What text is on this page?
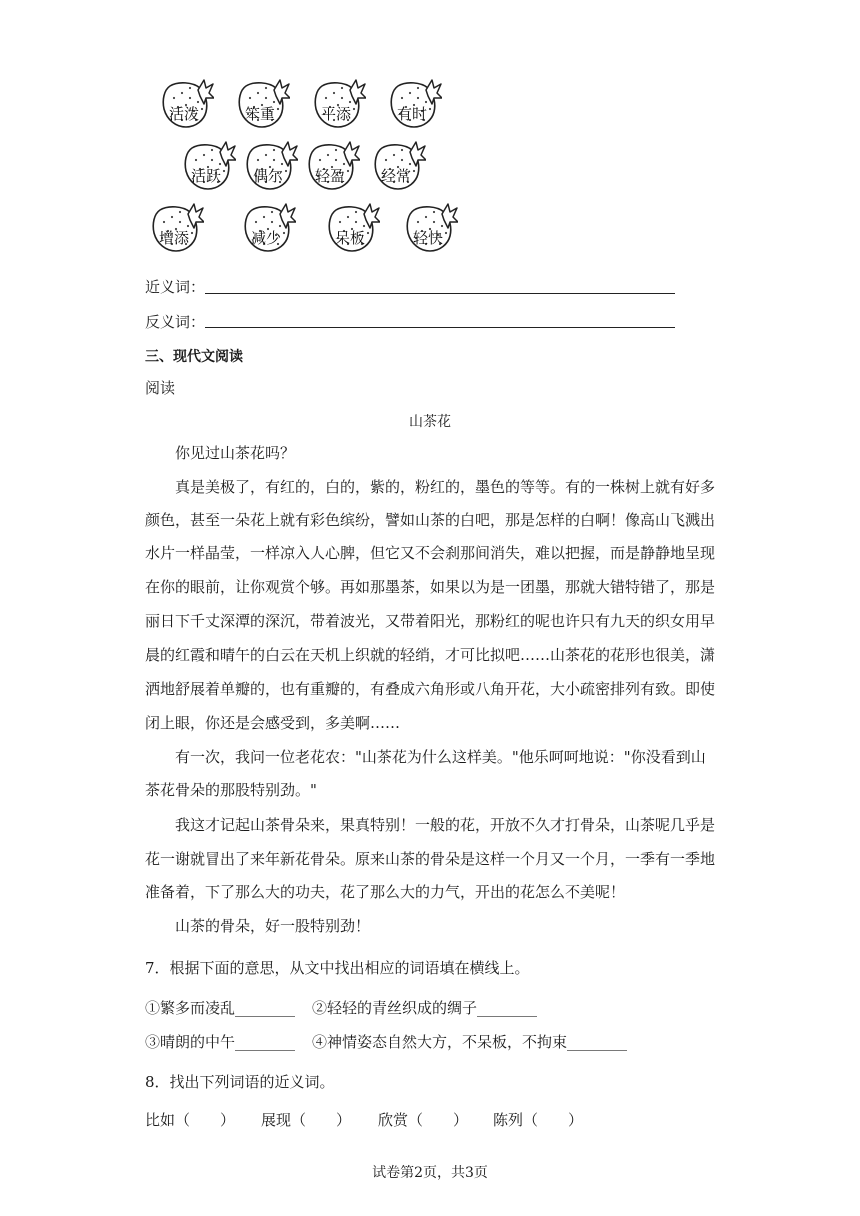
活泼	笨重	平添	有时
活跃	偶尔	轻盈	经常
增添	减少	呆板	轻快
近义词：
反义词：
三、现代文阅读
阅读
山茶花
你见过山茶花吗？
真是美极了，有红的，白的，紫的，粉红的，墨色的等等。有的一株树上就有好多
颜色，甚至一朵花上就有彩色缤纷，譬如山茶的白吧，那是怎样的白啊！像高山飞溅出
水片一样晶莹，一样凉入人心脾，但它又不会刹那间消失，难以把握，而是静静地呈现
在你的眼前，让你观赏个够。再如那墨茶，如果以为是一团墨，那就大错特错了，那是
丽日下千丈深潭的深沉，带着波光，又带着阳光，那粉红的呢也许只有九天的织女用早
晨的红霞和晴午的白云在天机上织就的轻绡，才可比拟吧……山茶花的花形也很美，潇
洒地舒展着单瓣的，也有重瓣的，有叠成六角形或八角开花，大小疏密排列有致。即使
闭上眼，你还是会感受到，多美啊……
有一次，我问一位老花农："山茶花为什么这样美。"他乐呵呵地说："你没看到山
茶花骨朵的那股特别劲。"
我这才记起山茶骨朵来，果真特别！一般的花，开放不久才打骨朵，山茶呢几乎是
花一谢就冒出了来年新花骨朵。原来山茶的骨朵是这样一个月又一个月，一季有一季地
准备着，下了那么大的功夫，花了那么大的力气，开出的花怎么不美呢！
山茶的骨朵，好一股特别劲！
7．根据下面的意思，从文中找出相应的词语填在横线上。
①繁多而凌乱________ ②轻轻的青丝织成的绸子________
③晴朗的中午________ ④神情姿态自然大方，不呆板，不拘束________
8．找出下列词语的近义词。
比如（　　） 展现（　　） 欣赏（　　） 陈列（　　）
试卷第2页，共3页
